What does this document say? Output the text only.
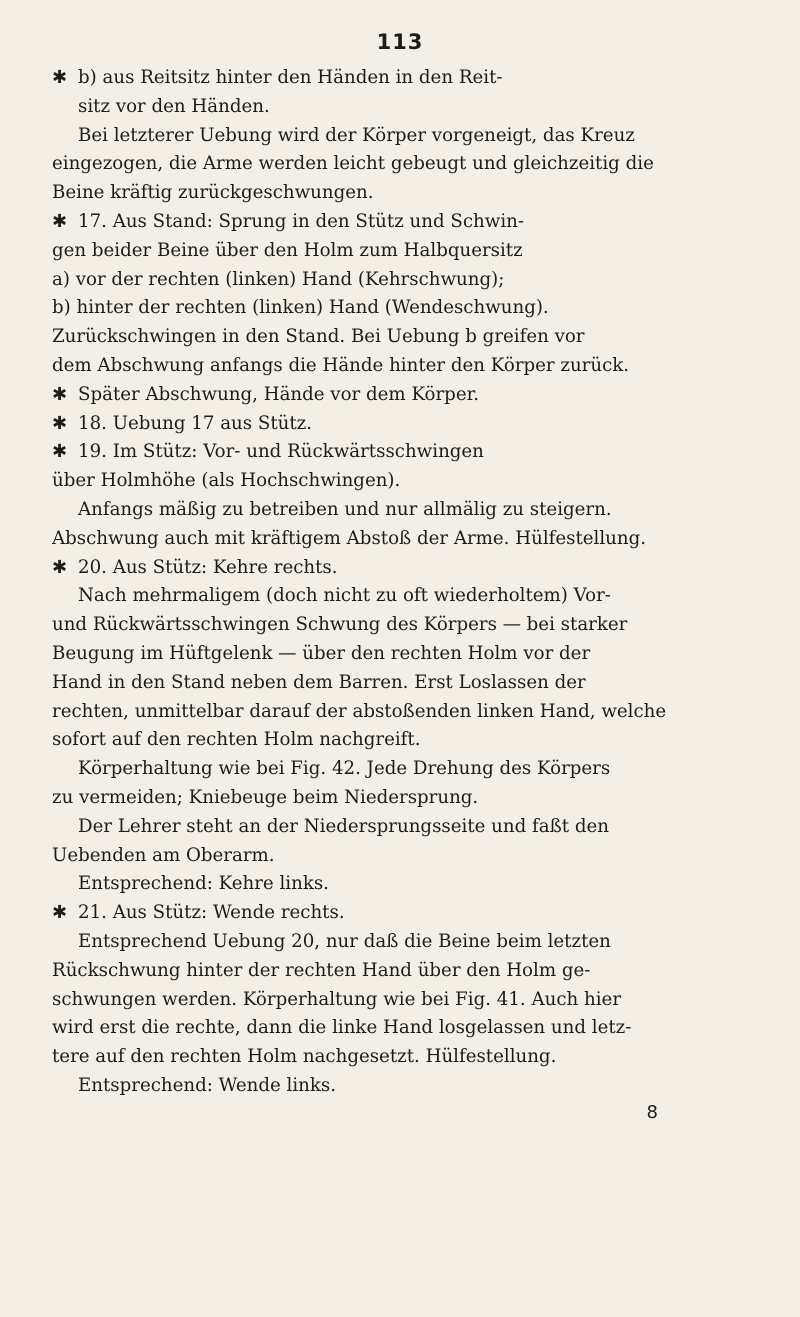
113
✱ b) aus Reitsitz hinter den Händen in den Reit-
sitz vor den Händen.
Bei letzterer Uebung wird der Körper vorgeneigt, das Kreuz
eingezogen, die Arme werden leicht gebeugt und gleichzeitig die
Beine kräftig zurückgeschwungen.
✱ 17. Aus Stand: Sprung in den Stütz und Schwin-
gen beider Beine über den Holm zum Halbquersitz
a) vor der rechten (linken) Hand (Kehrschwung);
b) hinter der rechten (linken) Hand (Wendeschwung).
Zurückschwingen in den Stand. Bei Uebung b greifen vor
dem Abschwung anfangs die Hände hinter den Körper zurück.
✱ Später Abschwung, Hände vor dem Körper.
✱ 18. Uebung 17 aus Stütz.
✱ 19. Im Stütz: Vor- und Rückwärtsschwingen
über Holmhöhe (als Hochschwingen).
Anfangs mäßig zu betreiben und nur allmälig zu steigern.
Abschwung auch mit kräftigem Abstoß der Arme. Hülfestellung.
✱ 20. Aus Stütz: Kehre rechts.
Nach mehrmaligem (doch nicht zu oft wiederholtem) Vor-
und Rückwärtsschwingen Schwung des Körpers — bei starker
Beugung im Hüftgelenk — über den rechten Holm vor der
Hand in den Stand neben dem Barren. Erst Loslassen der
rechten, unmittelbar darauf der abstoßenden linken Hand, welche
sofort auf den rechten Holm nachgreift.
Körperhaltung wie bei Fig. 42. Jede Drehung des Körpers
zu vermeiden; Kniebeuge beim Niedersprung.
Der Lehrer steht an der Niedersprungsseite und faßt den
Uebenden am Oberarm.
Entsprechend: Kehre links.
✱ 21. Aus Stütz: Wende rechts.
Entsprechend Uebung 20, nur daß die Beine beim letzten
Rückschwung hinter der rechten Hand über den Holm ge-
schwungen werden. Körperhaltung wie bei Fig. 41. Auch hier
wird erst die rechte, dann die linke Hand losgelassen und letz-
tere auf den rechten Holm nachgesetzt. Hülfestellung.
Entsprechend: Wende links.
8
